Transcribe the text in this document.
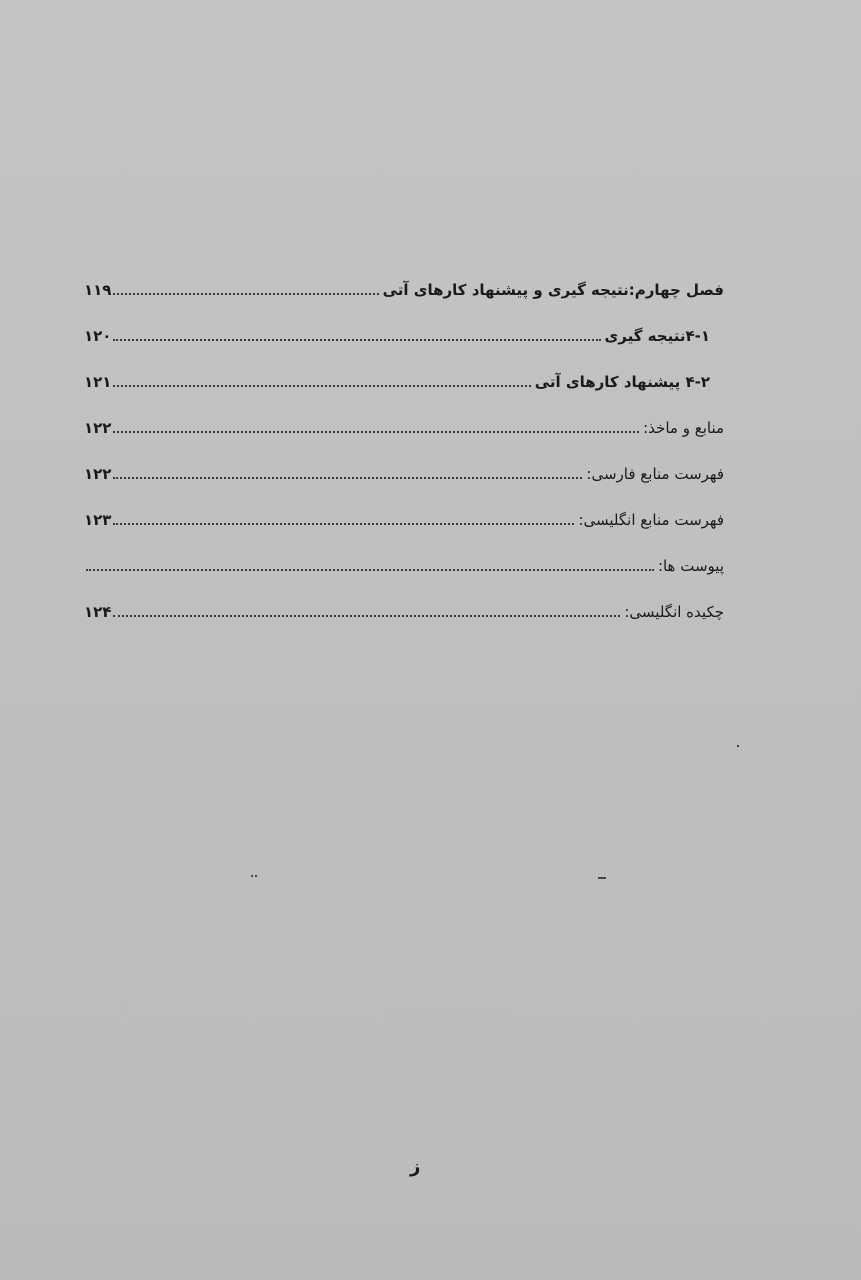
فصل چهارم:نتیجه گیری و پیشنهاد کارهای آتی
۱۱۹
۴-۱نتیجه گیری
۱۲۰
۴-۲ پیشنهاد کارهای آتی
۱۲۱
منابع و ماخذ:
۱۲۲
فهرست منابع فارسی:
۱۲۲
فهرست منابع انگلیسی:
۱۲۳
پیوست ها:
چکیده انگلیسی:
۱۲۴
ز
